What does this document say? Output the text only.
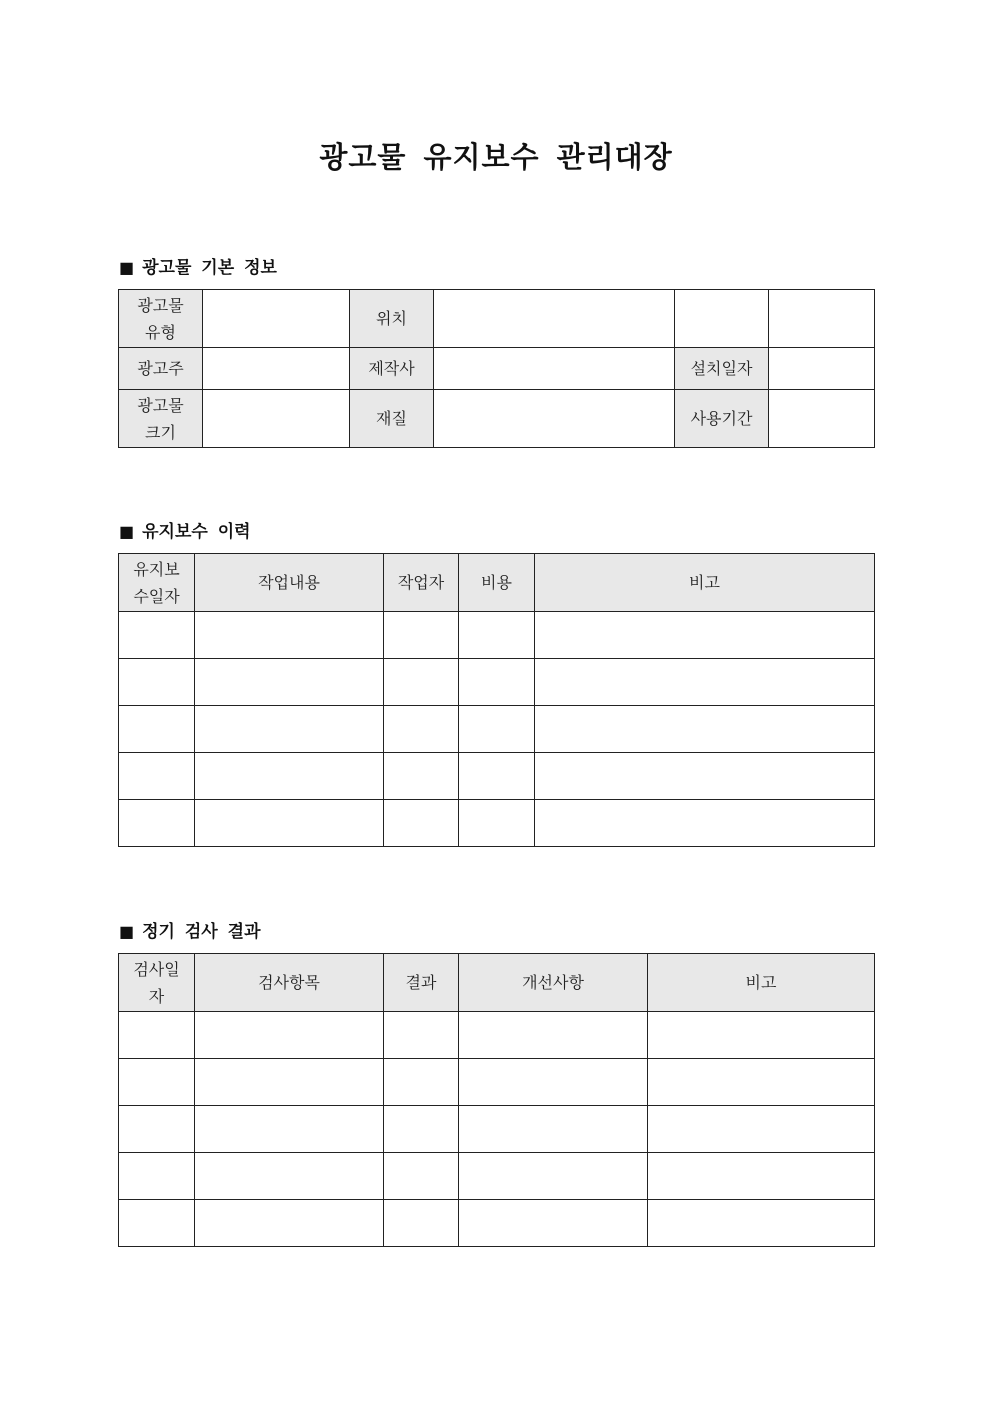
광고물 유지보수 관리대장
■ 광고물 기본 정보
광고물
유형		위치			
광고주		제작사		설치일자	
광고물
크기		재질		사용기간	
■ 유지보수 이력
유지보
수일자	작업내용	작업자	비용	비고

■ 정기 검사 결과
검사일
자	검사항목	결과	개선사항	비고
